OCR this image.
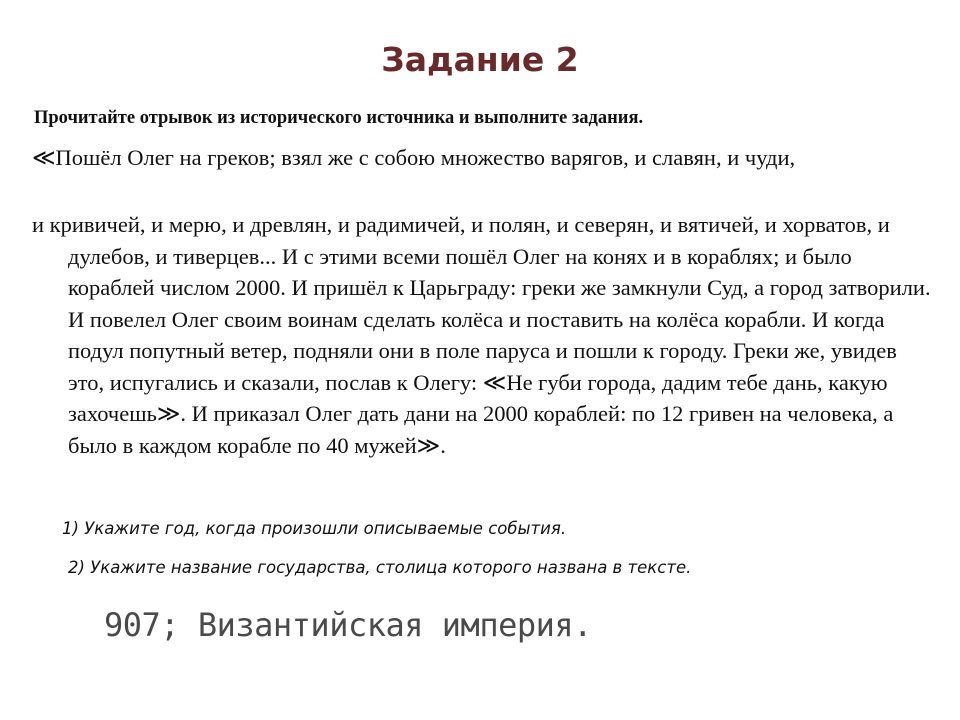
Задание 2
Прочитайте отрывок из исторического источника и выполните задания.

≪Пошёл Олег на греков; взял же с собою множество варягов, и славян, и чуди,

и кривичей, и мерю, и древлян, и радимичей, и полян, и северян, и вятичей, и хорватов, и дулебов, и тиверцев... И с этими всеми пошёл Олег на конях и в кораблях; и было кораблей числом 2000. И пришёл к Царьграду: греки же замкнули Суд, а город затворили. И повелел Олег своим воинам сделать колёса и поставить на колёса корабли. И когда подул попутный ветер, подняли они в поле паруса и пошли к городу. Греки же, увидев это, испугались и сказали, послав к Олегу: ≪Не губи города, дадим тебе дань, какую захочешь≫. И приказал Олег дать дани на 2000 кораблей: по 12 гривен на человека, а было в каждом корабле по 40 мужей≫.

1) Укажите год, когда произошли описываемые события.
2) Укажите название государства, столица которого названа в тексте.
907; Византийская империя.
